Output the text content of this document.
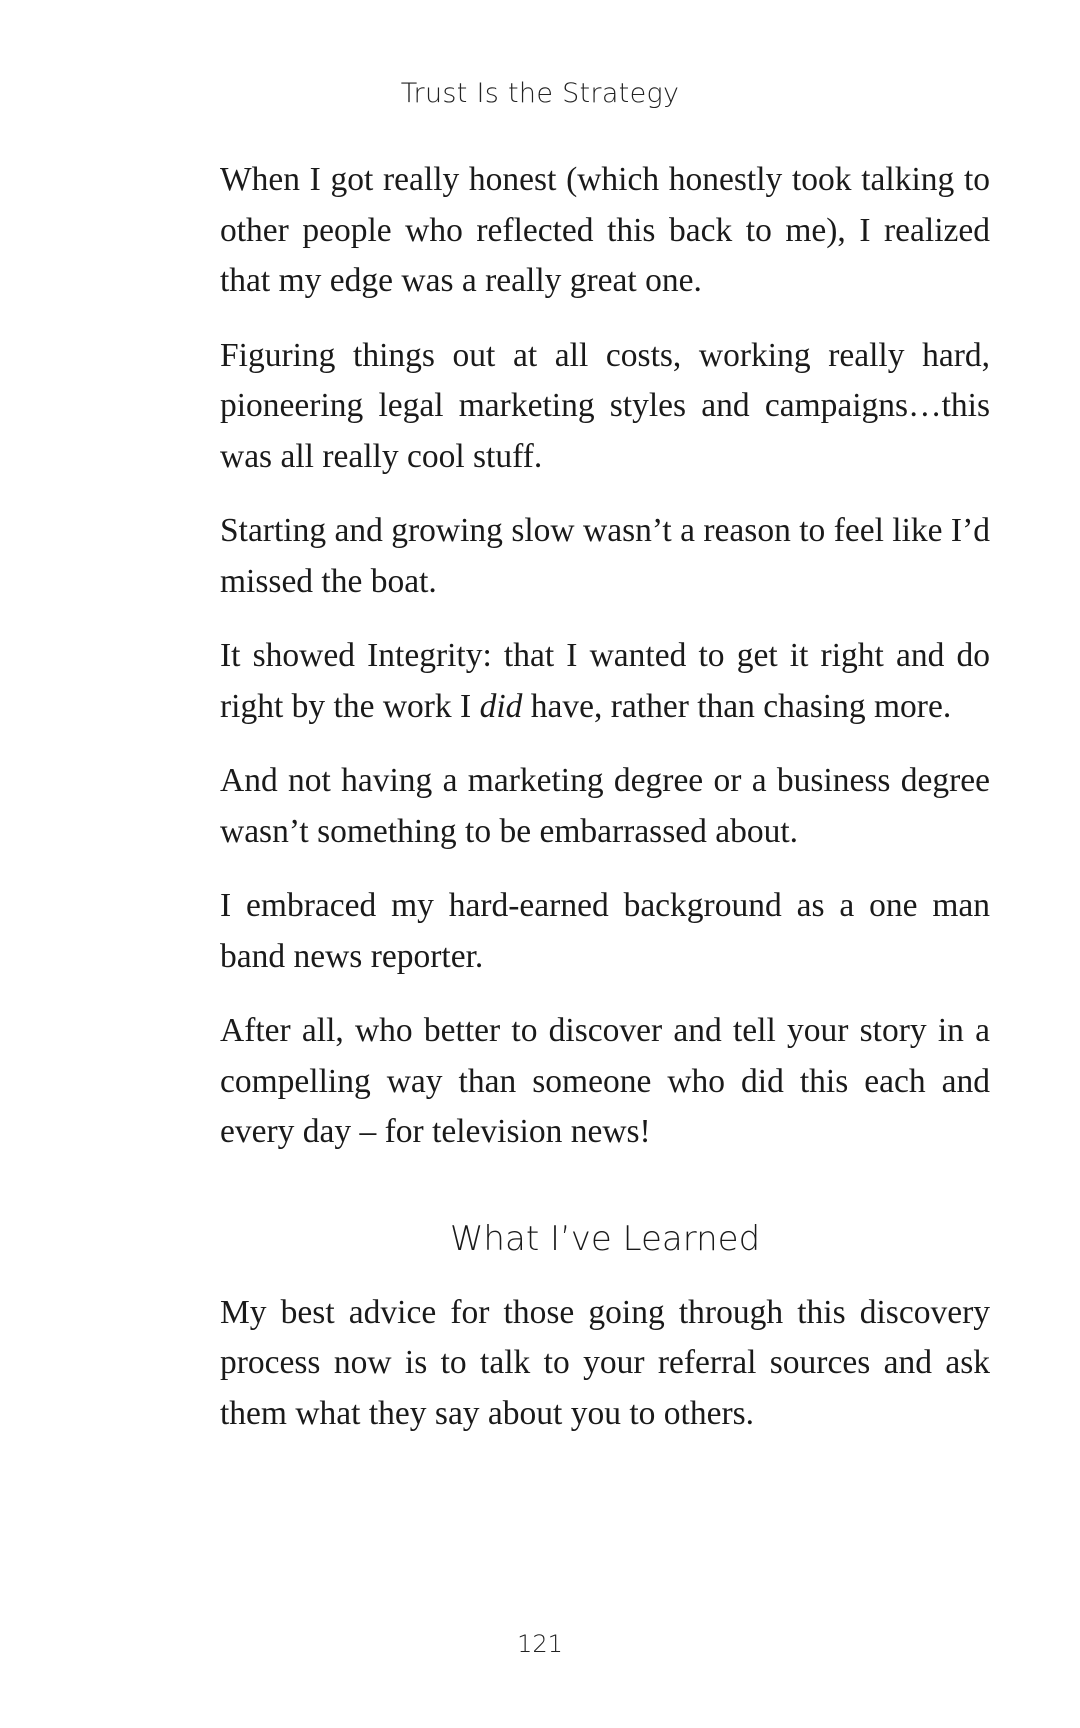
Trust Is the Strategy

When I got really honest (which honestly took talking to other people who reflected this back to me), I realized that my edge was a really great one.

Figuring things out at all costs, working really hard, pioneering legal marketing styles and campaigns…this was all really cool stuff.

Starting and growing slow wasn’t a reason to feel like I’d missed the boat.

It showed Integrity: that I wanted to get it right and do right by the work I did have, rather than chasing more.

And not having a marketing degree or a business degree wasn’t something to be embarrassed about.

I embraced my hard-earned background as a one man band news reporter.

After all, who better to discover and tell your story in a compelling way than someone who did this each and every day – for television news!

What I’ve Learned

My best advice for those going through this discovery process now is to talk to your referral sources and ask them what they say about you to others.

121
